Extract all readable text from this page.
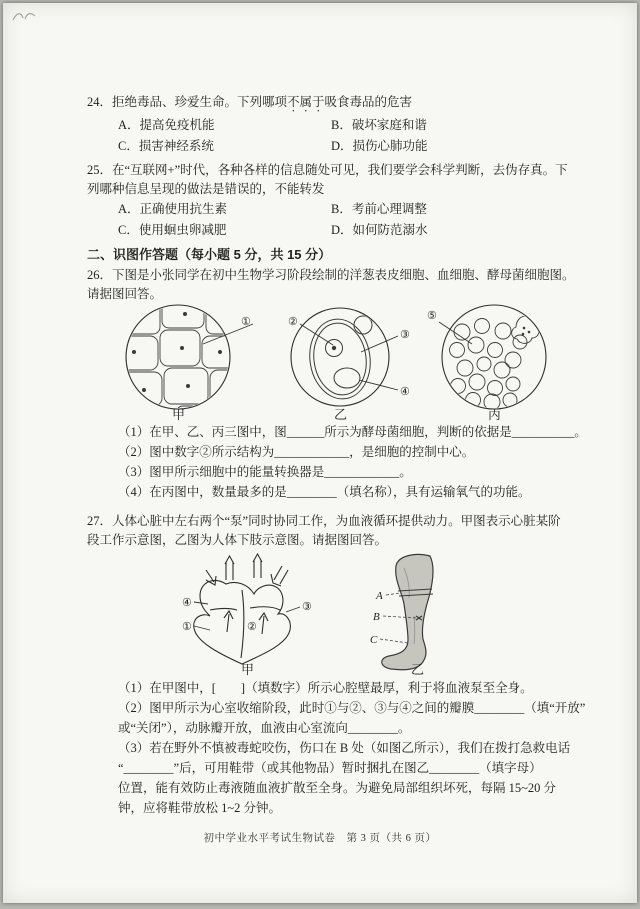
24．拒绝毒品、珍爱生命。下列哪项不属于吸食毒品的危害
A．提高免疫机能	B．破坏家庭和谐
C．损害神经系统	D．损伤心肺功能
25．在“互联网+”时代，各种各样的信息随处可见，我们要学会科学判断，去伪存真。下
列哪种信息呈现的做法是错误的，不能转发
A．正确使用抗生素	B．考前心理调整
C．使用蛔虫卵减肥	D．如何防范溺水
二、识图作答题（每小题 5 分，共 15 分）
26．下图是小张同学在初中生物学习阶段绘制的洋葱表皮细胞、血细胞、酵母菌细胞图。
请据图回答。
①	②
③
④
⑤
甲	乙	丙
（1）在甲、乙、丙三图中，图______所示为酵母菌细胞，判断的依据是__________。
（2）图中数字②所示结构为____________，是细胞的控制中心。
（3）图甲所示细胞中的能量转换器是____________。
（4）在丙图中，数量最多的是________（填名称），具有运输氧气的功能。
27．人体心脏中左右两个“泵”同时协同工作，为血液循环提供动力。甲图表示心脏某阶
段工作示意图，乙图为人体下肢示意图。请据图回答。
④
①	②
③
甲
A
B
C
乙
（1）在甲图中，[　　]（填数字）所示心腔壁最厚，利于将血液泵至全身。
（2）图甲所示为心室收缩阶段，此时①与②、③与④之间的瓣膜________（填“开放”
或“关闭”），动脉瓣开放，血液由心室流向________。
（3）若在野外不慎被毒蛇咬伤，伤口在 B 处（如图乙所示），我们在拨打急救电话
“________”后，可用鞋带（或其他物品）暂时捆扎在图乙________（填字母）
位置，能有效防止毒液随血液扩散至全身。为避免局部组织坏死，每隔 15~20 分
钟，应将鞋带放松 1~2 分钟。
初中学业水平考试生物试卷　第 3 页（共 6 页）
